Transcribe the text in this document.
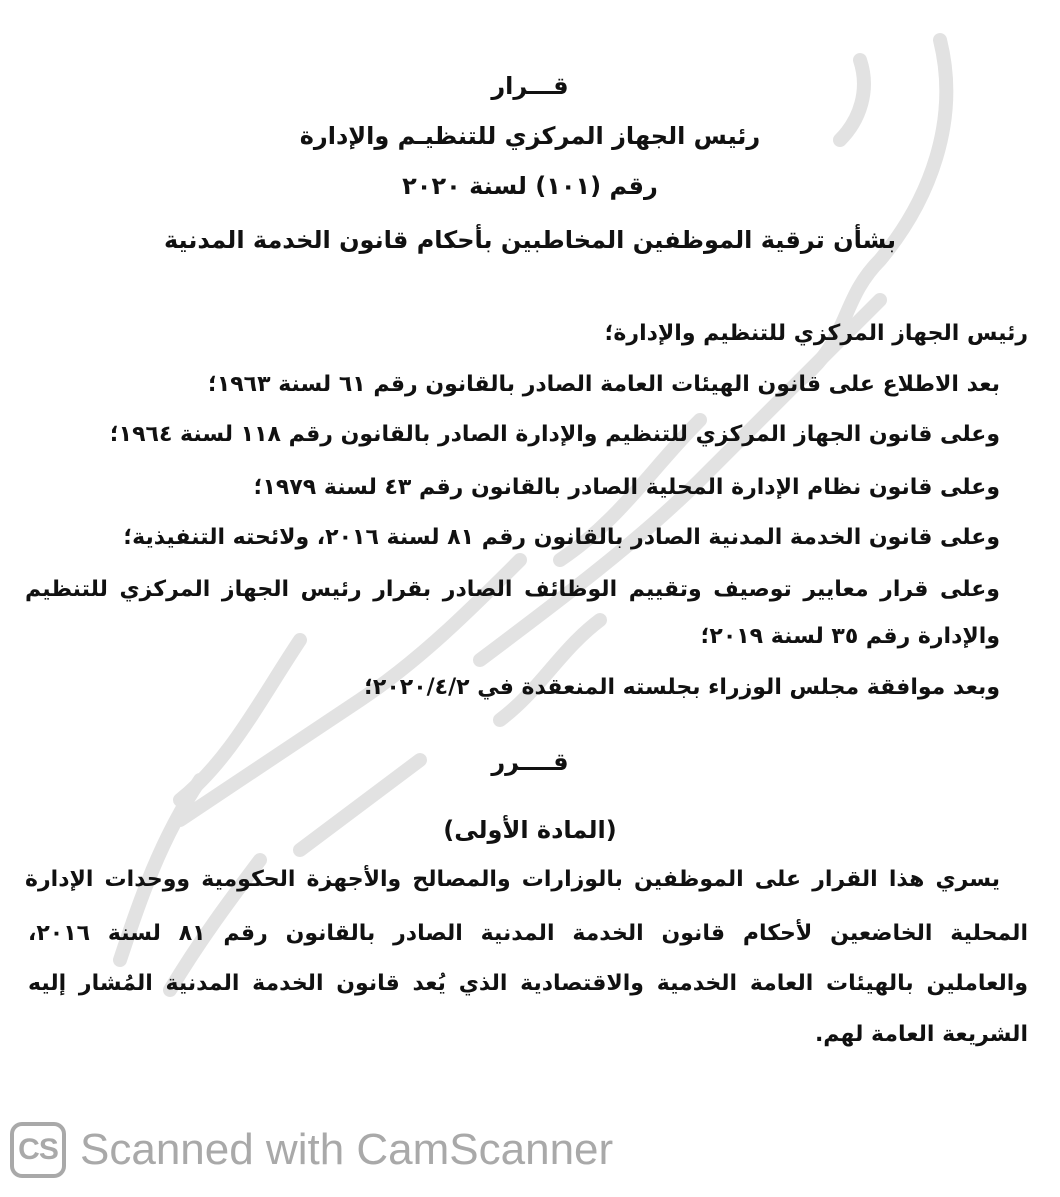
قـــرار
رئيس الجهاز المركزي للتنظيـم والإدارة
رقم (١٠١) لسنة ٢٠٢٠
بشأن ترقية الموظفين المخاطبين بأحكام قانون الخدمة المدنية
رئيس الجهاز المركزي للتنظيم والإدارة؛
بعد الاطلاع على قانون الهيئات العامة الصادر بالقانون رقم ٦١ لسنة ١٩٦٣؛
وعلى قانون الجهاز المركزي للتنظيم والإدارة الصادر بالقانون رقم ١١٨ لسنة ١٩٦٤؛
وعلى قانون نظام الإدارة المحلية الصادر بالقانون رقم ٤٣ لسنة ١٩٧٩؛
وعلى قانون الخدمة المدنية الصادر بالقانون رقم ٨١ لسنة ٢٠١٦، ولائحته التنفيذية؛
وعلى قرار معايير توصيف وتقييم الوظائف الصادر بقرار رئيس الجهاز المركزي للتنظيم
والإدارة رقم ٣٥ لسنة ٢٠١٩؛
وبعد موافقة مجلس الوزراء بجلسته المنعقدة في ٢٠٢٠/٤/٢؛
قــــرر
(المادة الأولى)
يسري هذا القرار على الموظفين بالوزارات والمصالح والأجهزة الحكومية ووحدات الإدارة
المحلية الخاضعين لأحكام قانون الخدمة المدنية الصادر بالقانون رقم ٨١ لسنة ٢٠١٦،
والعاملين بالهيئات العامة الخدمية والاقتصادية الذي يُعد قانون الخدمة المدنية المُشار إليه
الشريعة العامة لهم.
CS Scanned with CamScanner
